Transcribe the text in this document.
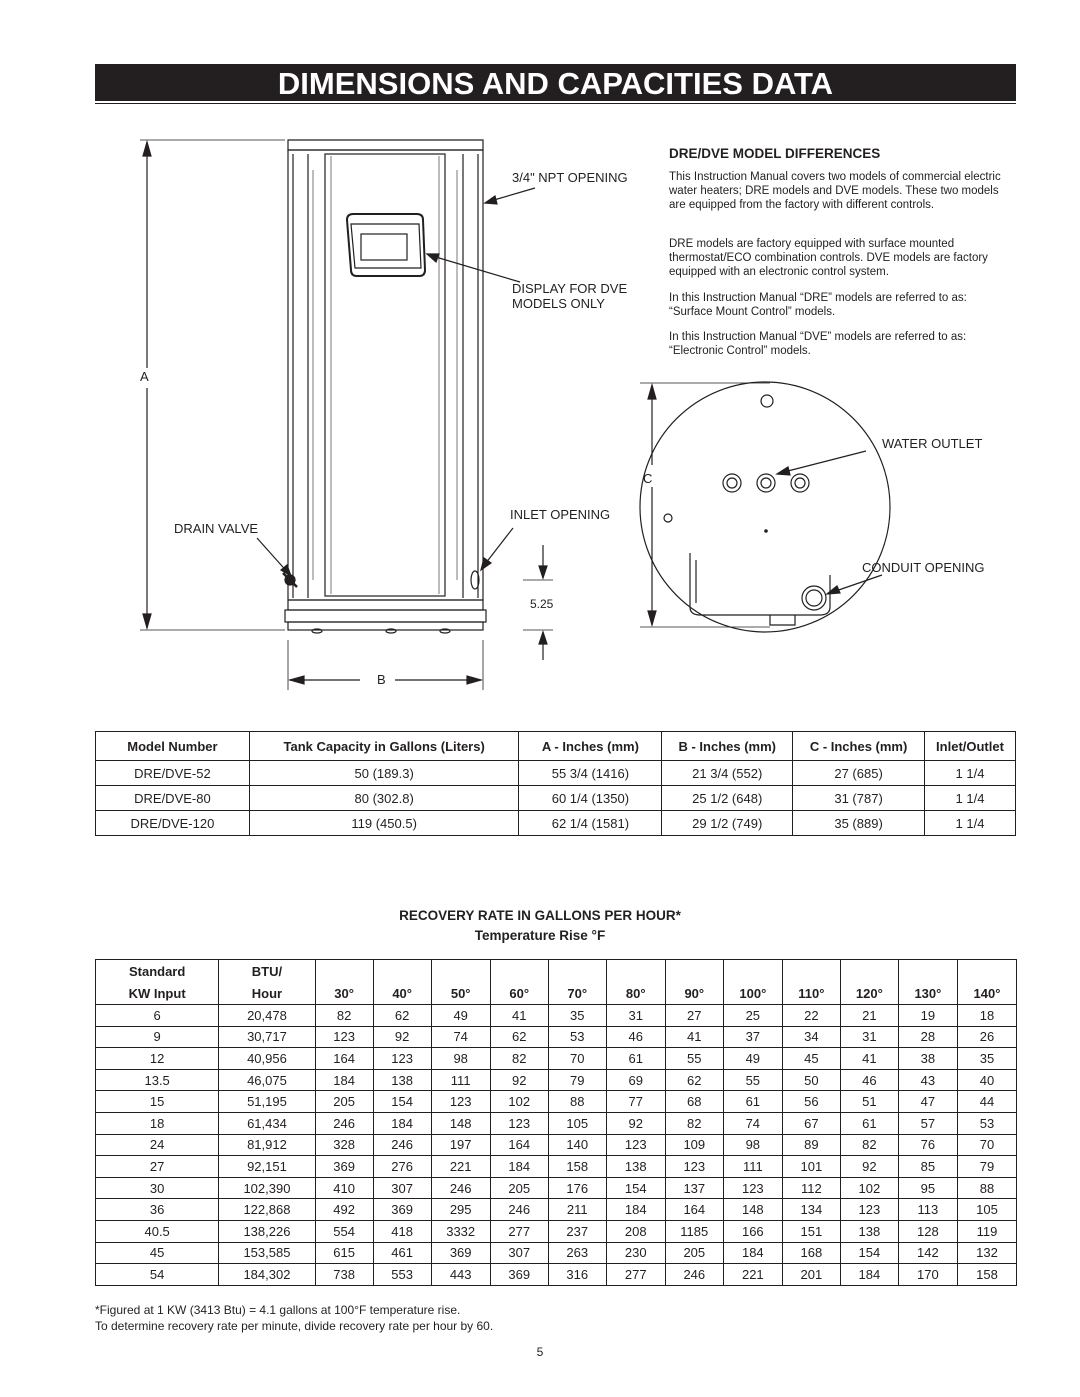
DIMENSIONS AND CAPACITIES DATA
3/4" NPT OPENING
DISPLAY FOR DVE
MODELS ONLY
A
DRAIN VALVE
INLET OPENING
5.25
B
DRE/DVE MODEL DIFFERENCES
This Instruction Manual covers two models of commercial electric water heaters; DRE models and DVE models. These two models are equipped from the factory with different controls.
DRE models are factory equipped with surface mounted thermostat/ECO combination controls. DVE models are factory equipped with an electronic control system.
In this Instruction Manual “DRE” models are referred to as: “Surface Mount Control” models.
In this Instruction Manual “DVE” models are referred to as: “Electronic Control” models.
WATER OUTLET
C
CONDUIT OPENING
Model Number	Tank Capacity in Gallons (Liters)	A - Inches (mm)	B - Inches (mm)	C - Inches (mm)	Inlet/Outlet
DRE/DVE-52	50 (189.3)	55 3/4 (1416)	21 3/4 (552)	27 (685)	1 1/4
DRE/DVE-80	80 (302.8)	60 1/4 (1350)	25 1/2 (648)	31 (787)	1 1/4
DRE/DVE-120	119 (450.5)	62 1/4 (1581)	29 1/2 (749)	35 (889)	1 1/4
RECOVERY RATE IN GALLONS PER HOUR*
Temperature Rise °F
Standard	BTU/												
KW Input	Hour	30°	40°	50°	60°	70°	80°	90°	100°	110°	120°	130°	140°
6	20,478	82	62	49	41	35	31	27	25	22	21	19	18
9	30,717	123	92	74	62	53	46	41	37	34	31	28	26
12	40,956	164	123	98	82	70	61	55	49	45	41	38	35
13.5	46,075	184	138	111	92	79	69	62	55	50	46	43	40
15	51,195	205	154	123	102	88	77	68	61	56	51	47	44
18	61,434	246	184	148	123	105	92	82	74	67	61	57	53
24	81,912	328	246	197	164	140	123	109	98	89	82	76	70
27	92,151	369	276	221	184	158	138	123	111	101	92	85	79
30	102,390	410	307	246	205	176	154	137	123	112	102	95	88
36	122,868	492	369	295	246	211	184	164	148	134	123	113	105
40.5	138,226	554	418	3332	277	237	208	1185	166	151	138	128	119
45	153,585	615	461	369	307	263	230	205	184	168	154	142	132
54	184,302	738	553	443	369	316	277	246	221	201	184	170	158
*Figured at 1 KW (3413 Btu) = 4.1 gallons at 100°F temperature rise.
To determine recovery rate per minute, divide recovery rate per hour by 60.
5
